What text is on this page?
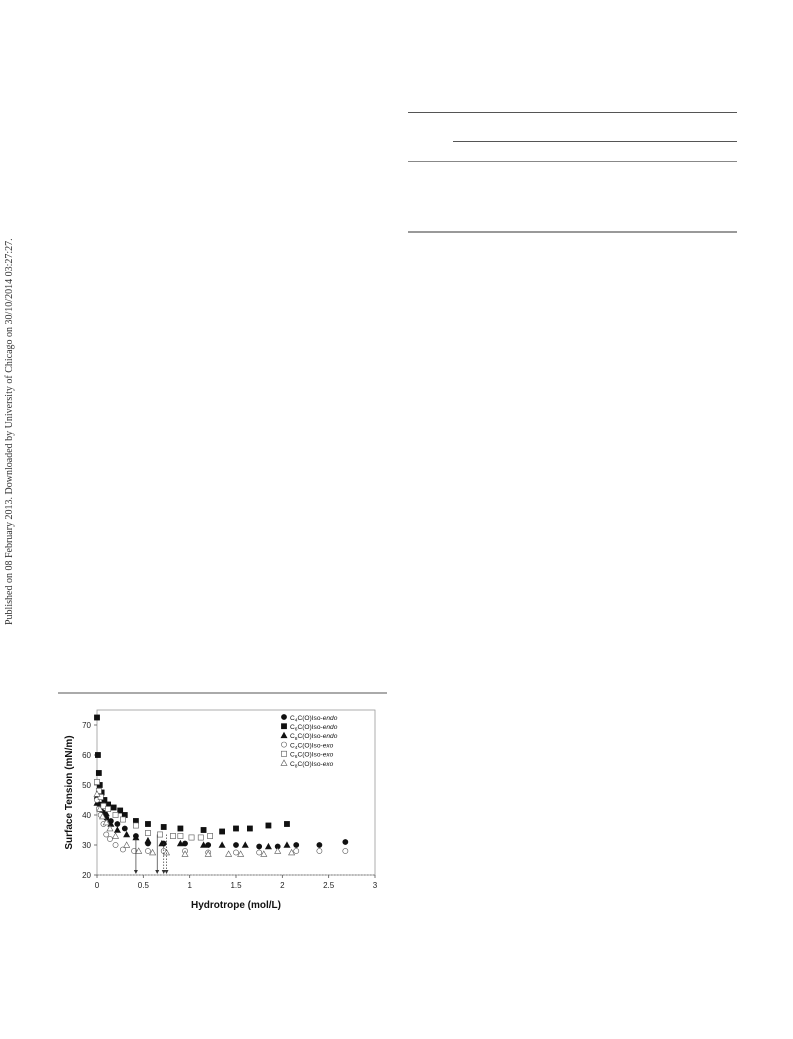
Published on 08 February 2013. Downloaded by University of Chicago on 30/10/2014 03:27:27.
0	0.5	1	1.5	2	2.5	3
20
30
40
50
60
70
Hydrotrope (mol/L)
Surface Tension (mN/m)
$C_4C(O)Iso$-endo
$C_6C(O)Iso$-endo
$C_8C(O)Iso$-endo
$C_4C(O)Iso$-exo
$C_6C(O)Iso$-exo
$C_8C(O)Iso$-exo
